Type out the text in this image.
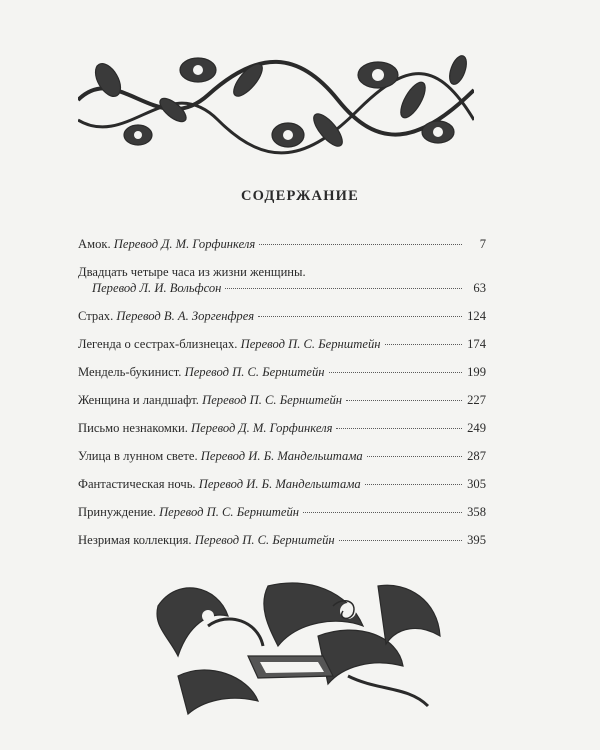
СОДЕРЖАНИЕ
Амок.
Перевод Д. М. Горфинкеля	7
Двадцать четыре часа из жизни женщины.
Перевод Л. И. Вольфсон	63
Страх.
Перевод В. А. Зоргенфрея	124
Легенда о сестрах-близнецах.
Перевод П. С. Бернштейн	174
Мендель-букинист.
Перевод П. С. Бернштейн	199
Женщина и ландшафт.
Перевод П. С. Бернштейн	227
Письмо незнакомки.
Перевод Д. М. Горфинкеля	249
Улица в лунном свете.
Перевод И. Б. Мандельштама	287
Фантастическая ночь.
Перевод И. Б. Мандельштама	305
Принуждение.
Перевод П. С. Бернштейн	358
Незримая коллекция.
Перевод П. С. Бернштейн	395
